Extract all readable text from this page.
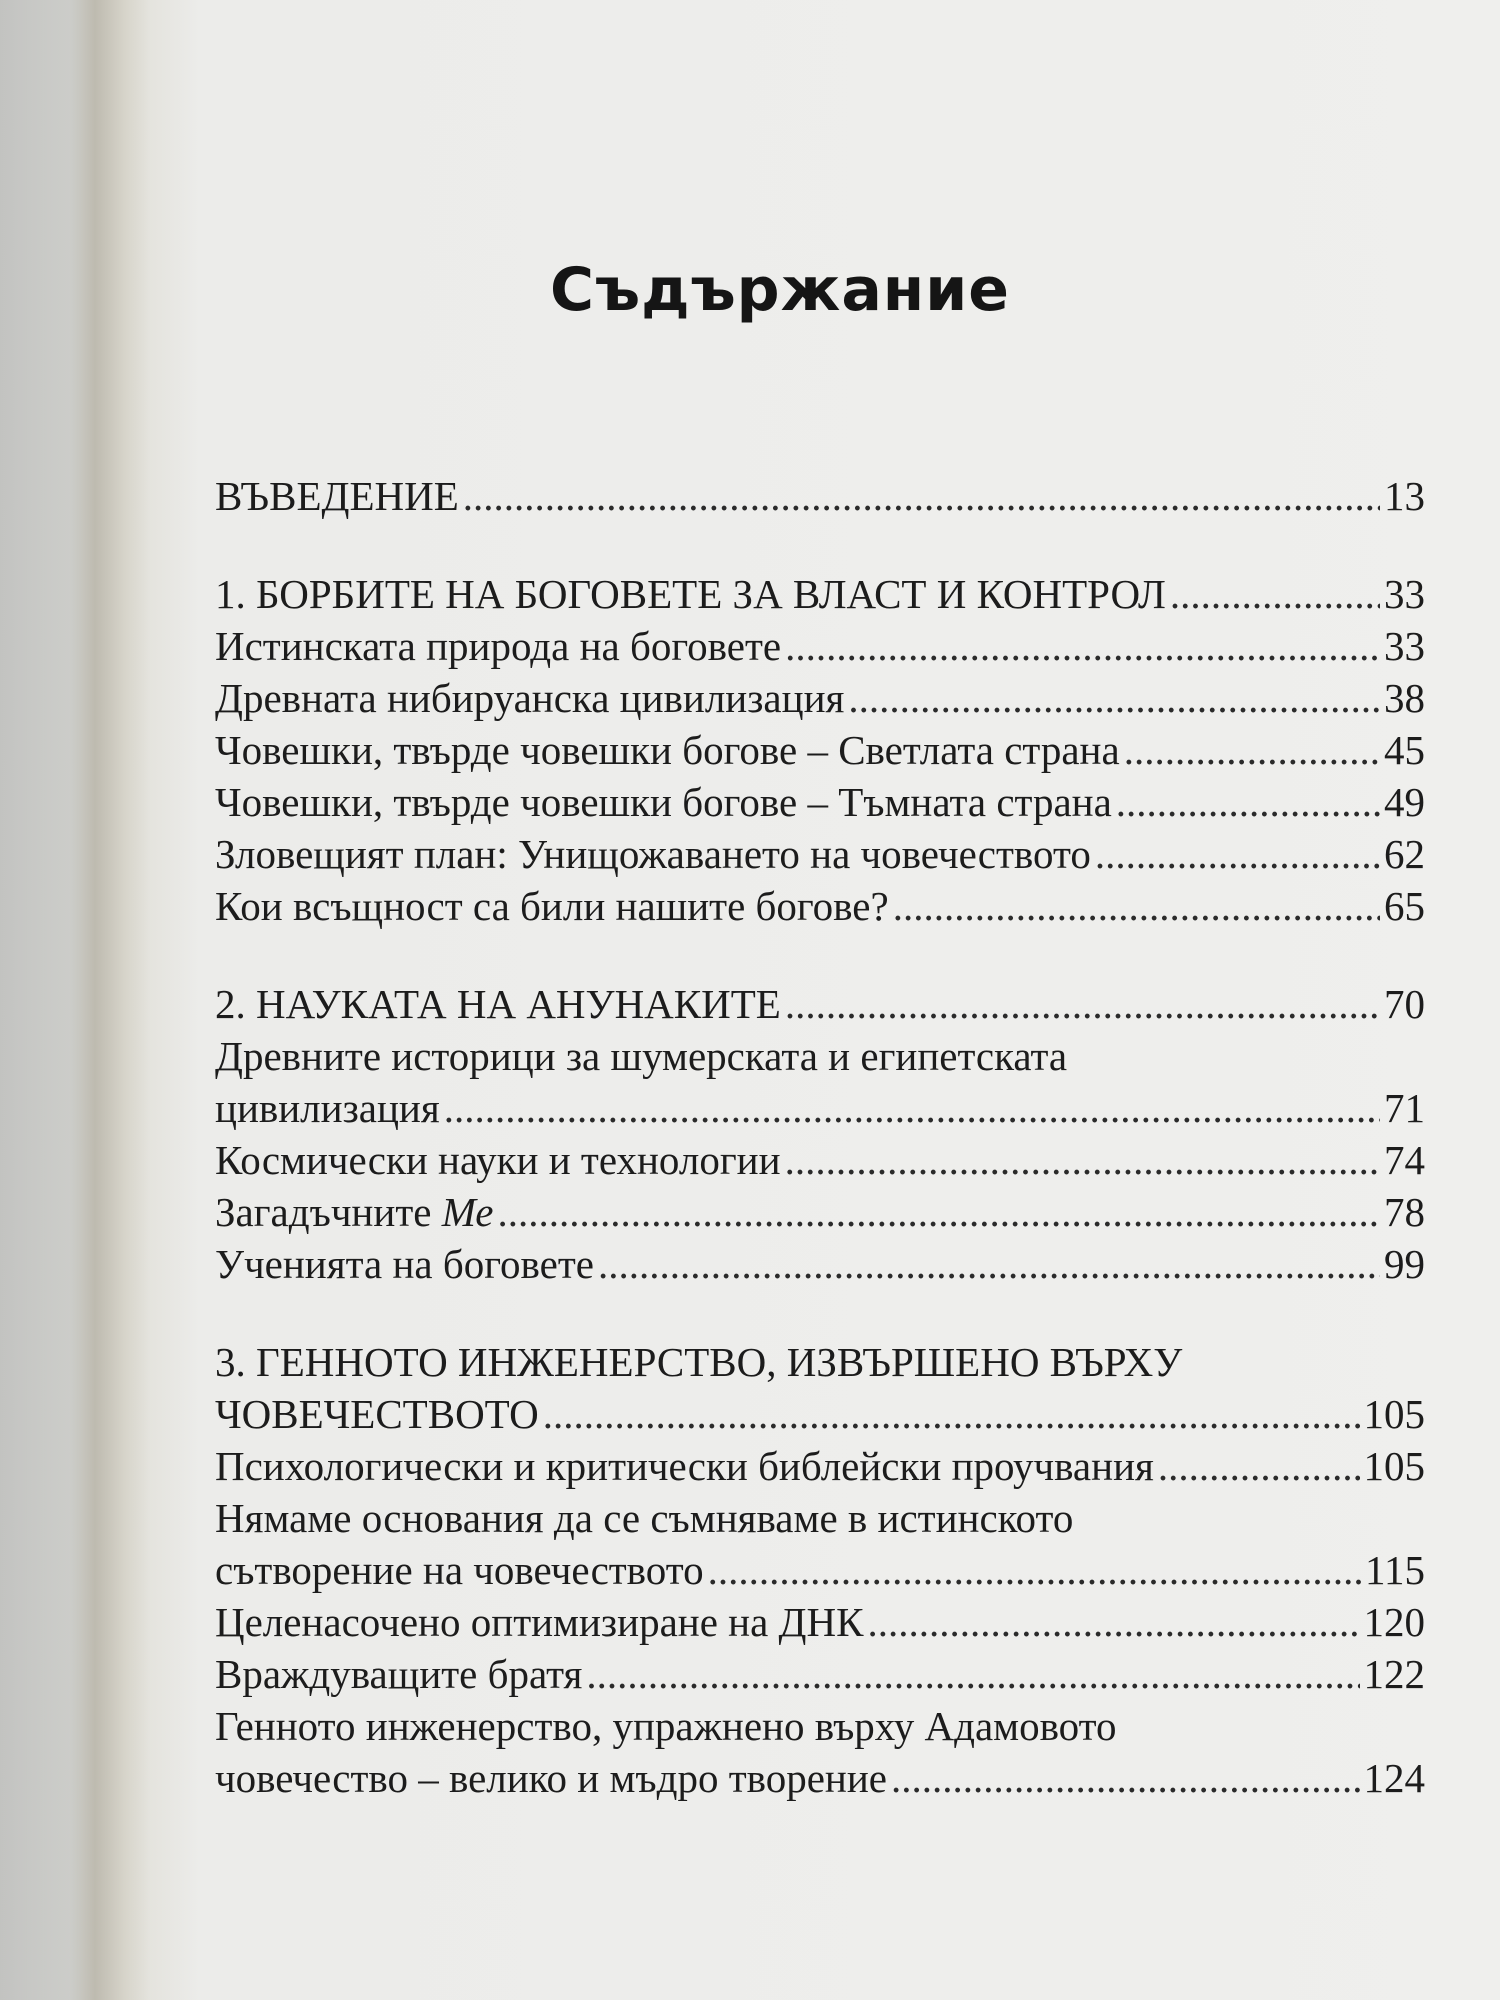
Съдържание
ВЪВЕДЕНИЕ .....	13
1. БОРБИТЕ НА БОГОВЕТЕ ЗА ВЛАСТ И КОНТРОЛ .....	33
Истинската природа на боговете .....	33
Древната нибируанска цивилизация .....	38
Човешки, твърде човешки богове – Светлата страна .....	45
Човешки, твърде човешки богове – Тъмната страна .....	49
Зловещият план: Унищожаването на човечеството .....	62
Кои всъщност са били нашите богове? .....	65
2. НАУКАТА НА АНУНАКИТЕ .....	70
Древните историци за шумерската и египетската
цивилизация .....	71
Космически науки и технологии .....	74
Загадъчните Ме .....	78
Ученията на боговете .....	99
3. ГЕННОТО ИНЖЕНЕРСТВО, ИЗВЪРШЕНО ВЪРХУ
ЧОВЕЧЕСТВОТО .....	105
Психологически и критически библейски проучвания .....	105
Нямаме основания да се съмняваме в истинското
сътворение на човечеството .....	115
Целенасочено оптимизиране на ДНК .....	120
Враждуващите братя .....	122
Генното инженерство, упражнено върху Адамовото
човечество – велико и мъдро творение .....	124
